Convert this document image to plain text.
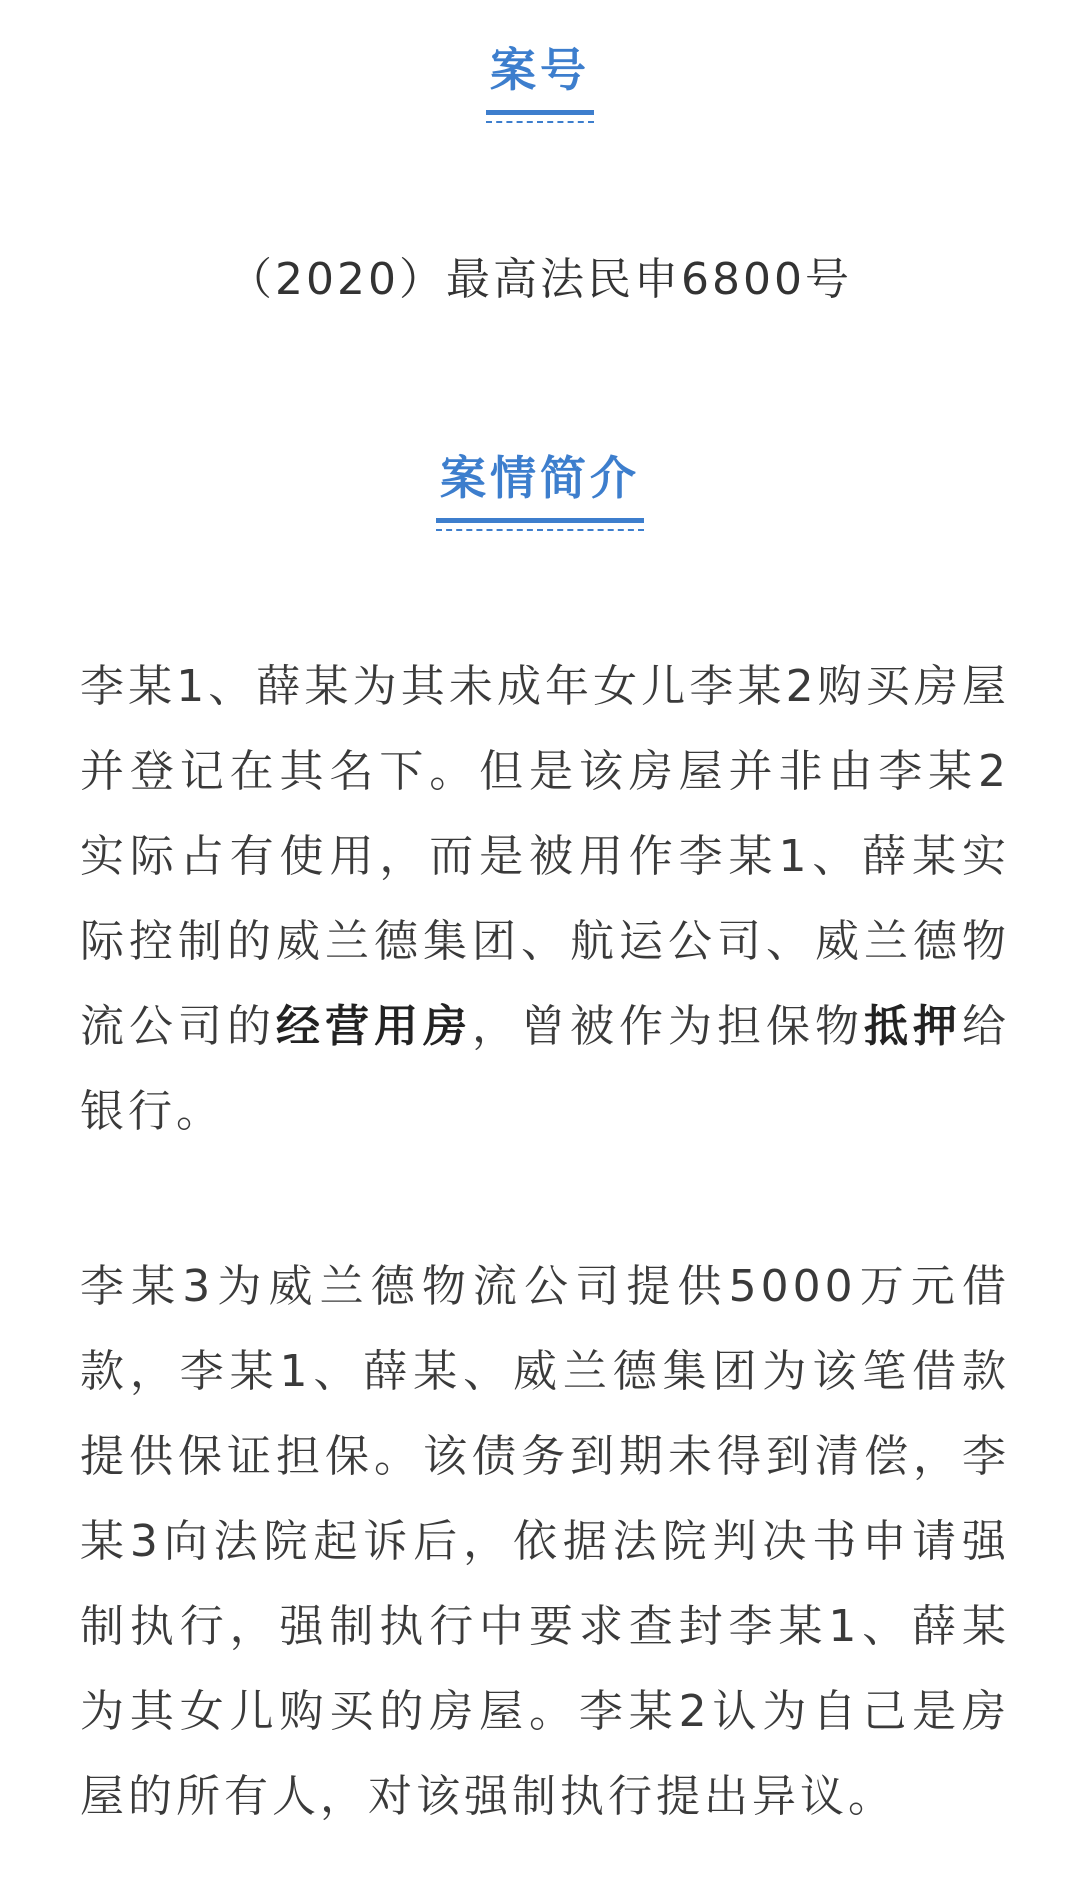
案号
（2020）最高法民申6800号
案情简介

李某1、薛某为其未成年女儿李某2购买房屋并登记在其名下。但是该房屋并非由李某2实际占有使用，而是被用作李某1、薛某实际控制的威兰德集团、航运公司、威兰德物流公司的经营用房，曾被作为担保物抵押给银行。

李某3为威兰德物流公司提供5000万元借款，李某1、薛某、威兰德集团为该笔借款提供保证担保。该债务到期未得到清偿，李某3向法院起诉后，依据法院判决书申请强制执行，强制执行中要求查封李某1、薛某为其女儿购买的房屋。李某2认为自己是房屋的所有人，对该强制执行提出异议。
